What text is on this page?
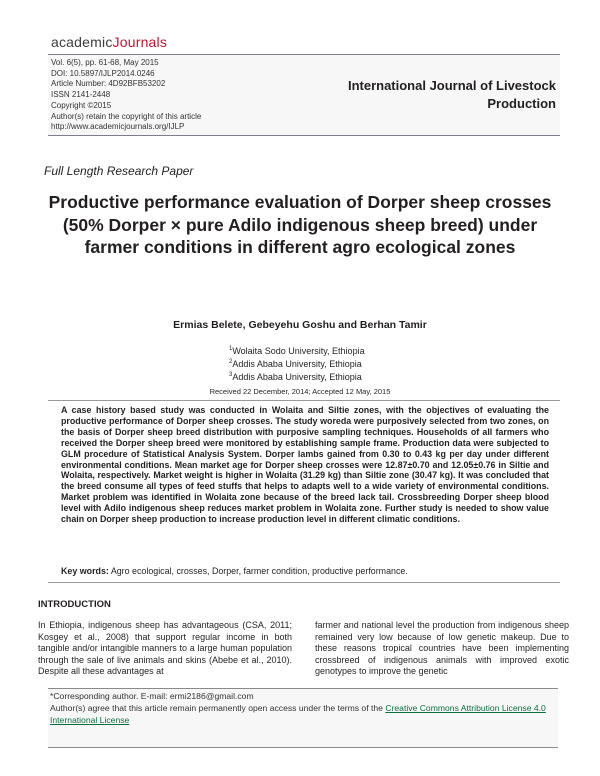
academicJournals
Vol. 6(5), pp. 61-68, May 2015
DOI: 10.5897/IJLP2014.0246
Article Number: 4D92BFB53202
ISSN 2141-2448
Copyright ©2015
Author(s) retain the copyright of this article
http://www.academicjournals.org/IJLP
International Journal of Livestock
Production
Full Length Research Paper
Productive performance evaluation of Dorper sheep crosses (50% Dorper × pure Adilo indigenous sheep breed) under farmer conditions in different agro ecological zones
Ermias Belete, Gebeyehu Goshu and Berhan Tamir
$^1$Wolaita Sodo University, Ethiopia
$^2$Addis Ababa University, Ethiopia
$^3$Addis Ababa University, Ethiopia
Received 22 December, 2014; Accepted 12 May, 2015
A case history based study was conducted in Wolaita and Siltie zones, with the objectives of evaluating the productive performance of Dorper sheep crosses. The study woreda were purposively selected from two zones, on the basis of Dorper sheep breed distribution with purposive sampling techniques. Households of all farmers who received the Dorper sheep breed were monitored by establishing sample frame. Production data were subjected to GLM procedure of Statistical Analysis System. Dorper lambs gained from 0.30 to 0.43 kg per day under different environmental conditions. Mean market age for Dorper sheep crosses were 12.87±0.70 and 12.05±0.76 in Siltie and Wolaita, respectively. Market weight is higher in Wolaita (31.29 kg) than Siltie zone (30.47 kg). It was concluded that the breed consume all types of feed stuffs that helps to adapts well to a wide variety of environmental conditions. Market problem was identified in Wolaita zone because of the breed lack tail. Crossbreeding Dorper sheep blood level with Adilo indigenous sheep reduces market problem in Wolaita zone. Further study is needed to show value chain on Dorper sheep production to increase production level in different climatic conditions.
Key words: Agro ecological, crosses, Dorper, farmer condition, productive performance.
INTRODUCTION
In Ethiopia, indigenous sheep has advantageous (CSA, 2011; Kosgey et al., 2008) that support regular income in both tangible and/or intangible manners to a large human population through the sale of live animals and skins (Abebe et al., 2010). Despite all these advantages at
farmer and national level the production from indigenous sheep remained very low because of low genetic makeup. Due to these reasons tropical countries have been implementing crossbreed of indigenous animals with improved exotic genotypes to improve the genetic
*Corresponding author. E-mail: ermi2186@gmail.com
Author(s) agree that this article remain permanently open access under the terms of the Creative Commons Attribution License 4.0 International License
